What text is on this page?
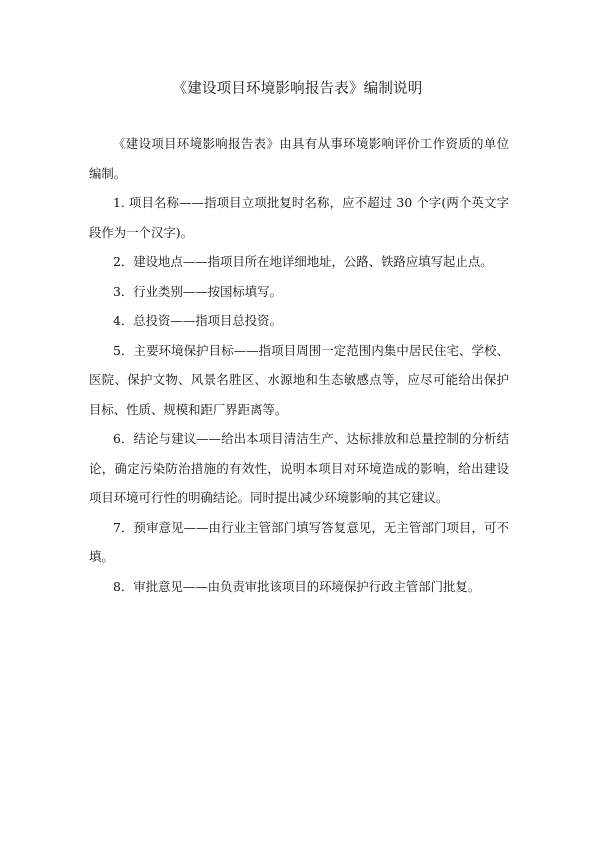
《建设项目环境影响报告表》编制说明

《建设项目环境影响报告表》由具有从事环境影响评价工作资质的单位编制。

1. 项目名称——指项目立项批复时名称，应不超过 30 个字(两个英文字段作为一个汉字)。

2．建设地点——指项目所在地详细地址，公路、铁路应填写起止点。

3．行业类别——按国标填写。

4．总投资——指项目总投资。

5．主要环境保护目标——指项目周围一定范围内集中居民住宅、学校、医院、保护文物、风景名胜区、水源地和生态敏感点等，应尽可能给出保护目标、性质、规模和距厂界距离等。

6．结论与建议——给出本项目清洁生产、达标排放和总量控制的分析结论，确定污染防治措施的有效性，说明本项目对环境造成的影响，给出建设项目环境可行性的明确结论。同时提出减少环境影响的其它建议。

7．预审意见——由行业主管部门填写答复意见，无主管部门项目，可不填。

8．审批意见——由负责审批该项目的环境保护行政主管部门批复。
